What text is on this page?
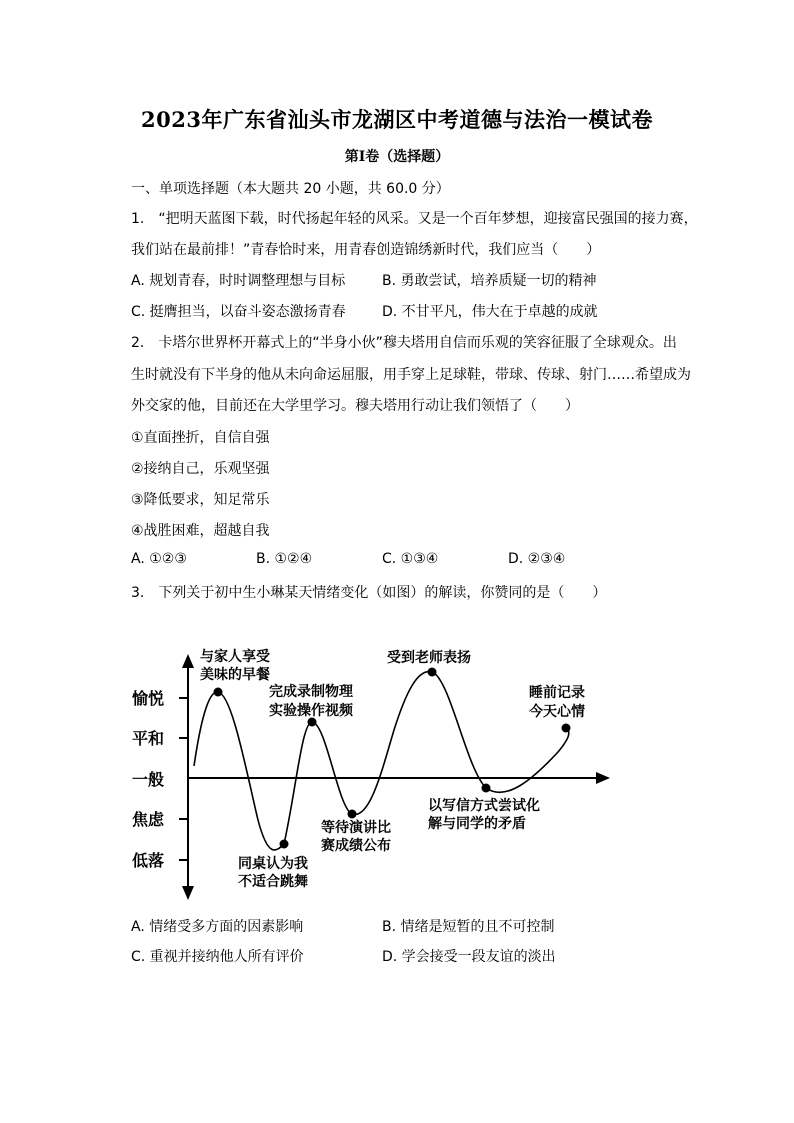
2023年广东省汕头市龙湖区中考道德与法治一模试卷
第I卷（选择题）
一、单项选择题（本大题共 20 小题，共 60.0 分）
1.　“把明天蓝图下载，时代扬起年轻的风采。又是一个百年梦想，迎接富民强国的接力赛，
我们站在最前排！”青春恰时来，用青春创造锦绣新时代，我们应当（　　）
A. 规划青春，时时调整理想与目标	B. 勇敢尝试，培养质疑一切的精神
C. 挺膺担当，以奋斗姿态激扬青春	D. 不甘平凡，伟大在于卓越的成就
2.　卡塔尔世界杯开幕式上的“半身小伙”穆夫塔用自信而乐观的笑容征服了全球观众。出
生时就没有下半身的他从未向命运屈服，用手穿上足球鞋，带球、传球、射门……希望成为
外交家的他，目前还在大学里学习。穆夫塔用行动让我们领悟了（　　）
①直面挫折，自信自强
②接纳自己，乐观坚强
③降低要求，知足常乐
④战胜困难，超越自我
A. ①②③	B. ①②④	C. ①③④	D. ②③④
3.　下列关于初中生小琳某天情绪变化（如图）的解读，你赞同的是（　　）
愉悦
平和
一般
焦虑
低落
与家人享受
美味的早餐
同桌认为我
不适合跳舞
完成录制物理
实验操作视频
等待演讲比
赛成绩公布
受到老师表扬
以写信方式尝试化
解与同学的矛盾
睡前记录
今天心情
A. 情绪受多方面的因素影响	B. 情绪是短暂的且不可控制
C. 重视并接纳他人所有评价	D. 学会接受一段友谊的淡出
